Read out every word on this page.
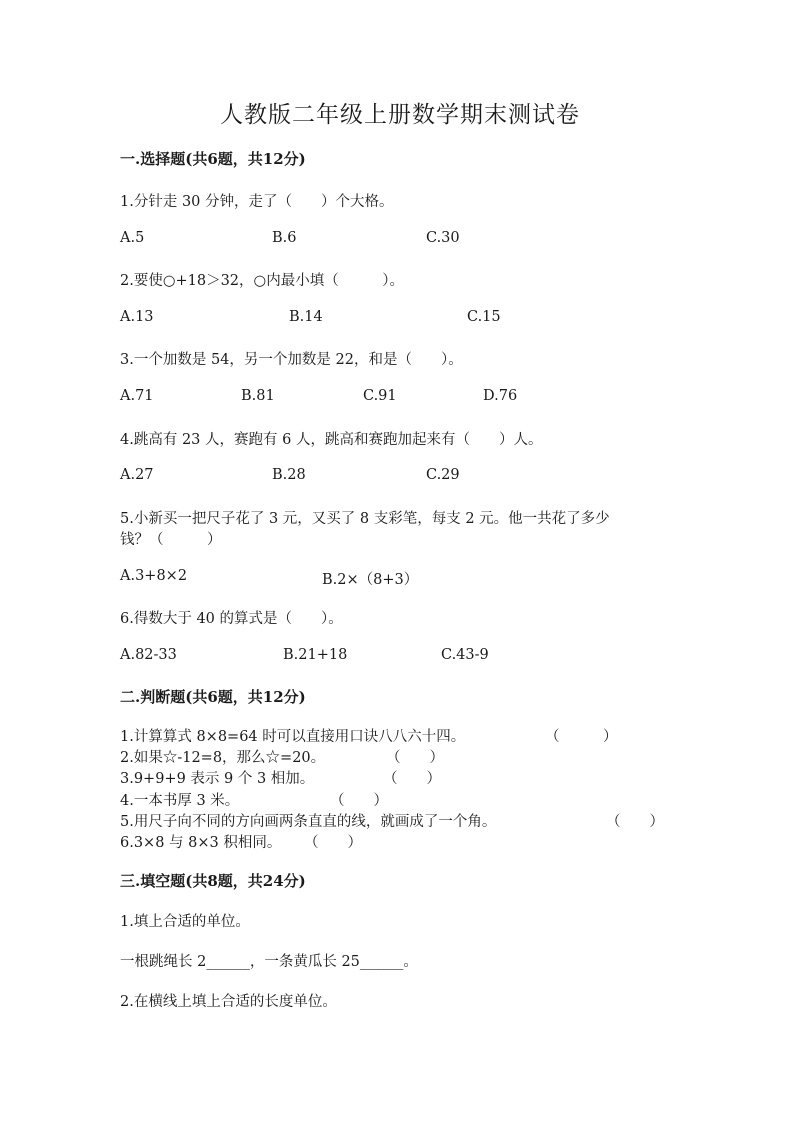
人教版二年级上册数学期末测试卷
一.选择题(共6题，共12分)
1.分针走 30 分钟，走了（　　）个大格。
A.5	B.6	C.30
2.要使○+18＞32，○内最小填（　　　）。
A.13	B.14	C.15
3.一个加数是 54，另一个加数是 22，和是（　　）。
A.71	B.81	C.91	D.76
4.跳高有 23 人，赛跑有 6 人，跳高和赛跑加起来有（　　）人。
A.27	B.28	C.29
5.小新买一把尺子花了 3 元，又买了 8 支彩笔，每支 2 元。他一共花了多少
钱？（　　　）
A.3+8×2	B.2×（8+3）
6.得数大于 40 的算式是（　　）。
A.82-33	B.21+18	C.43-9
二.判断题(共6题，共12分)
1.计算算式 8×8=64 时可以直接用口诀八八六十四。	（　　　）
2.如果☆-12=8，那么☆=20。	（　　）
3.9+9+9 表示 9 个 3 相加。	（　　）
4.一本书厚 3 米。	（　　）
5.用尺子向不同的方向画两条直直的线，就画成了一个角。	（　　）
6.3×8 与 8×3 积相同。 （　　）
三.填空题(共8题，共24分)
1.填上合适的单位。
一根跳绳长 2______，一条黄瓜长 25______。
2.在横线上填上合适的长度单位。
